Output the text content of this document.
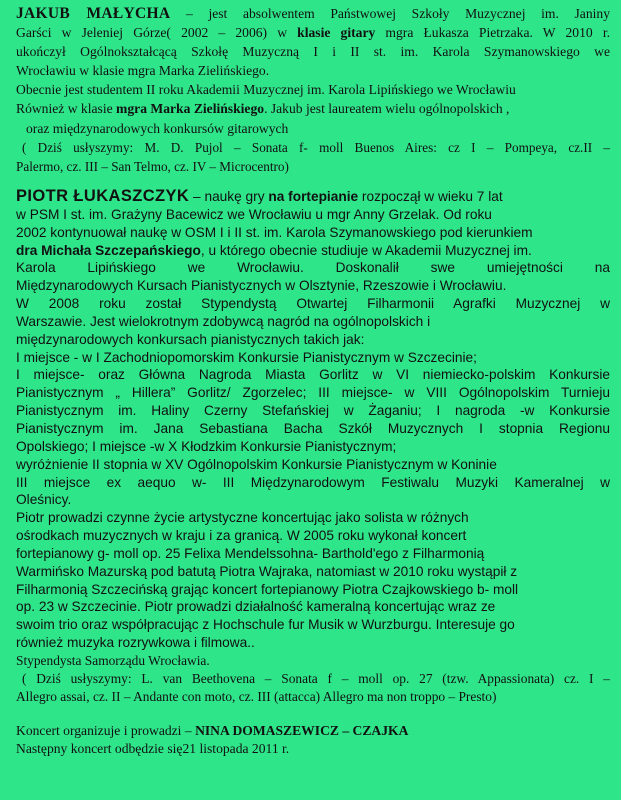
JAKUB MAŁYCHA – jest absolwentem Państwowej Szkoły Muzycznej im. Janiny
Garści w Jeleniej Górze( 2002 – 2006) w klasie gitary mgra Łukasza Pietrzaka. W 2010 r.
ukończył Ogólnokształcącą Szkołę Muzyczną I i II st. im. Karola Szymanowskiego we
Wrocławiu w klasie mgra Marka Zielińskiego.
Obecnie jest studentem II roku Akademii Muzycznej im. Karola Lipińskiego we Wrocławiu
Również w klasie mgra Marka Zielińskiego. Jakub jest laureatem wielu ogólnopolskich ,
oraz międzynarodowych konkursów gitarowych
( Dziś usłyszymy: M. D. Pujol – Sonata f- moll Buenos Aires: cz I – Pompeya, cz.II –
Palermo, cz. III – San Telmo, cz. IV – Microcentro)
PIOTR ŁUKASZCZYK – naukę gry na fortepianie rozpoczął w wieku 7 lat
w PSM I st. im. Grażyny Bacewicz we Wrocławiu u mgr Anny Grzelak. Od roku
2002 kontynuował naukę w OSM I i II st. im. Karola Szymanowskiego pod kierunkiem
dra Michała Szczepańskiego, u którego obecnie studiuje w Akademii Muzycznej im.
Karola Lipińskiego we Wrocławiu. Doskonalił swe umiejętności na
Międzynarodowych Kursach Pianistycznych w Olsztynie, Rzeszowie i Wrocławiu.
W 2008 roku został Stypendystą Otwartej Filharmonii Agrafki Muzycznej w
Warszawie. Jest wielokrotnym zdobywcą nagród na ogólnopolskich i
międzynarodowych konkursach pianistycznych takich jak:
I miejsce - w I Zachodniopomorskim Konkursie Pianistycznym w Szczecinie;
I miejsce- oraz Główna Nagroda Miasta Gorlitz w VI niemiecko-polskim Konkursie
Pianistycznym „ Hillera” Gorlitz/ Zgorzelec; III miejsce- w VIII Ogólnopolskim Turnieju
Pianistycznym im. Haliny Czerny Stefańskiej w Żaganiu; I nagroda -w Konkursie
Pianistycznym im. Jana Sebastiana Bacha Szkół Muzycznych I stopnia Regionu
Opolskiego; I miejsce -w X Kłodzkim Konkursie Pianistycznym;
wyróżnienie II stopnia w XV Ogólnopolskim Konkursie Pianistycznym w Koninie
III miejsce ex aequo w- III Międzynarodowym Festiwalu Muzyki Kameralnej w
Oleśnicy.
Piotr prowadzi czynne życie artystyczne koncertując jako solista w różnych
ośrodkach muzycznych w kraju i za granicą. W 2005 roku wykonał koncert
fortepianowy g- moll op. 25 Felixa Mendelssohna- Barthold'ego z Filharmonią
Warmińsko Mazurską pod batutą Piotra Wajraka, natomiast w 2010 roku wystąpił z
Filharmonią Szczecińską grając koncert fortepianowy Piotra Czajkowskiego b- moll
op. 23 w Szczecinie. Piotr prowadzi działalność kameralną koncertując wraz ze
swoim trio oraz współpracując z Hochschule fur Musik w Wurzburgu. Interesuje go
również muzyka rozrywkowa i filmowa..
Stypendysta Samorządu Wrocławia.
( Dziś usłyszymy: L. van Beethovena – Sonata f – moll op. 27 (tzw. Appassionata) cz. I –
Allegro assai, cz. II – Andante con moto, cz. III (attacca) Allegro ma non troppo – Presto)
Koncert organizuje i prowadzi – NINA DOMASZEWICZ – CZAJKA
Następny koncert odbędzie się21 listopada 2011 r.
